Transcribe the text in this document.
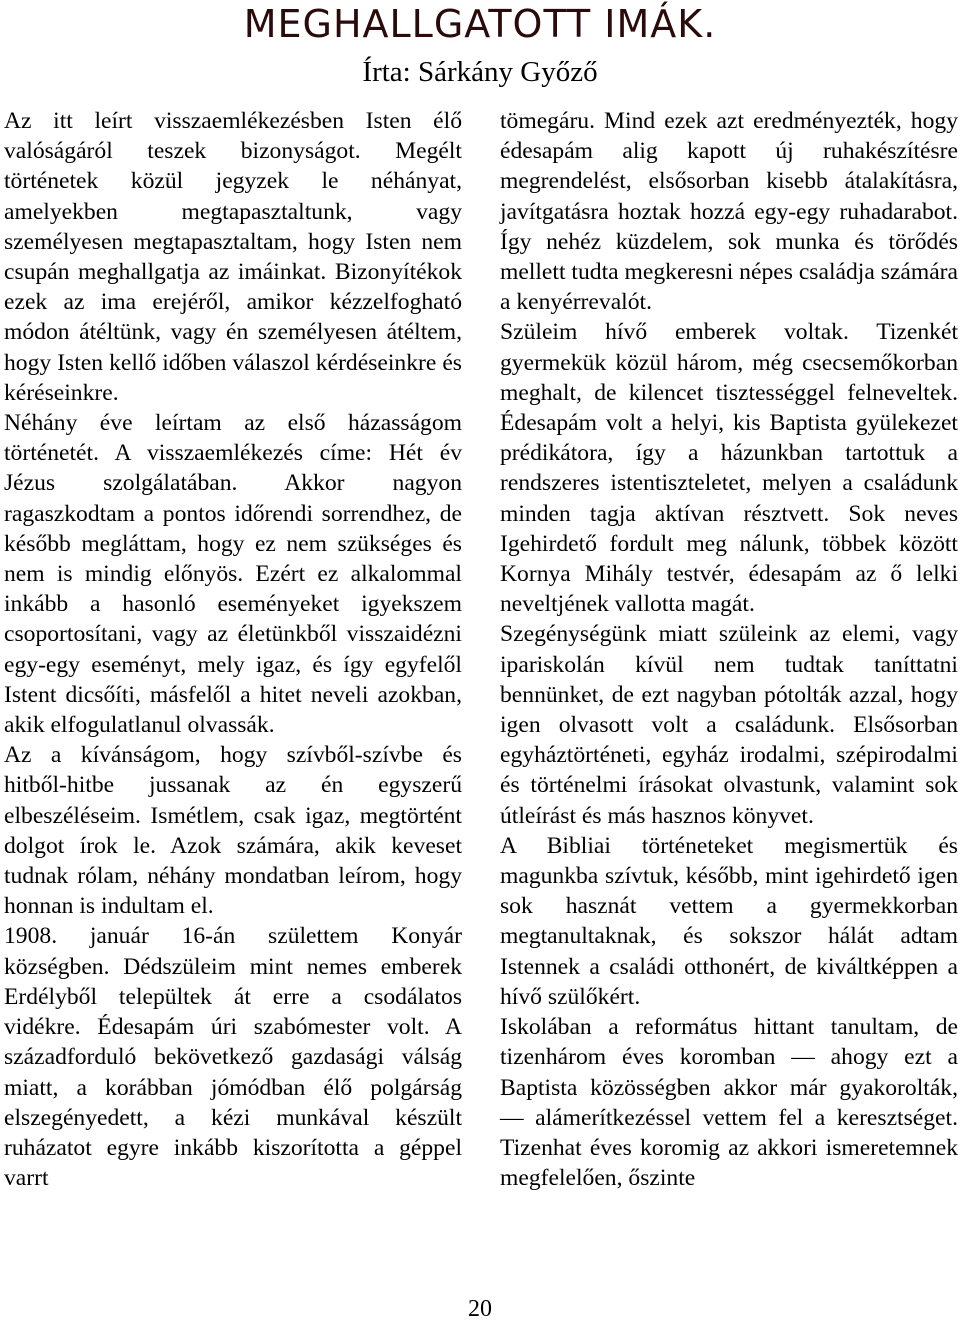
MEGHALLGATOTT IMÁK.
Írta: Sárkány Győző

Az itt leírt visszaemlékezésben Isten élő valóságáról teszek bizonyságot. Megélt történetek közül jegyzek le néhányat, amelyekben megtapasztaltunk, vagy személyesen megtapasztaltam, hogy Isten nem csupán meghallgatja az imáinkat. Bizonyítékok ezek az ima erejéről, amikor kézzelfogható módon átéltünk, vagy én személyesen átéltem, hogy Isten kellő időben válaszol kérdéseinkre és kéréseinkre.

Néhány éve leírtam az első házasságom történetét. A visszaemlékezés címe: Hét év Jézus szolgálatában. Akkor nagyon ragaszkodtam a pontos időrendi sorrendhez, de később megláttam, hogy ez nem szükséges és nem is mindig előnyös. Ezért ez alkalommal inkább a hasonló eseményeket igyekszem csoportosítani, vagy az életünkből visszaidézni egy-egy eseményt, mely igaz, és így egyfelől Istent dicsőíti, másfelől a hitet neveli azokban, akik elfogulatlanul olvassák.

Az a kívánságom, hogy szívből-szívbe és hitből-hitbe jussanak az én egyszerű elbeszéléseim. Ismétlem, csak igaz, megtörtént dolgot írok le. Azok számára, akik keveset tudnak rólam, néhány mondatban leírom, hogy honnan is indultam el.

1908. január 16-án születtem Konyár községben. Dédszüleim mint nemes emberek Erdélyből települtek át erre a csodálatos vidékre. Édesapám úri szabómester volt. A századforduló bekövetkező gazdasági válság miatt, a korábban jómódban élő polgárság elszegényedett, a kézi munkával készült ruházatot egyre inkább kiszorította a géppel varrt

tömegáru. Mind ezek azt eredményezték, hogy édesapám alig kapott új ruhakészítésre megrendelést, elsősorban kisebb átalakításra, javítgatásra hoztak hozzá egy-egy ruhadarabot. Így nehéz küzdelem, sok munka és törődés mellett tudta megkeresni népes családja számára a kenyérrevalót.

Szüleim hívő emberek voltak. Tizenkét gyermekük közül három, még csecsemőkorban meghalt, de kilencet tisztességgel felneveltek. Édesapám volt a helyi, kis Baptista gyülekezet prédikátora, így a házunkban tartottuk a rendszeres istentiszteletet, melyen a családunk minden tagja aktívan résztvett. Sok neves Igehirdető fordult meg nálunk, többek között Kornya Mihály testvér, édesapám az ő lelki neveltjének vallotta magát.

Szegénységünk miatt szüleink az elemi, vagy ipariskolán kívül nem tudtak taníttatni bennünket, de ezt nagyban pótolták azzal, hogy igen olvasott volt a családunk. Elsősorban egyháztörténeti, egyház irodalmi, szépirodalmi és történelmi írásokat olvastunk, valamint sok útleírást és más hasznos könyvet.

A Bibliai történeteket megismertük és magunkba szívtuk, később, mint igehirdető igen sok hasznát vettem a gyermekkorban megtanultaknak, és sokszor hálát adtam Istennek a családi otthonért, de kiváltképpen a hívő szülőkért.

Iskolában a református hittant tanultam, de tizenhárom éves koromban — ahogy ezt a Baptista közösségben akkor már gyakorolták, — alámerítkezéssel vettem fel a keresztséget. Tizenhat éves koromig az akkori ismeretemnek megfelelően, őszinte

20
